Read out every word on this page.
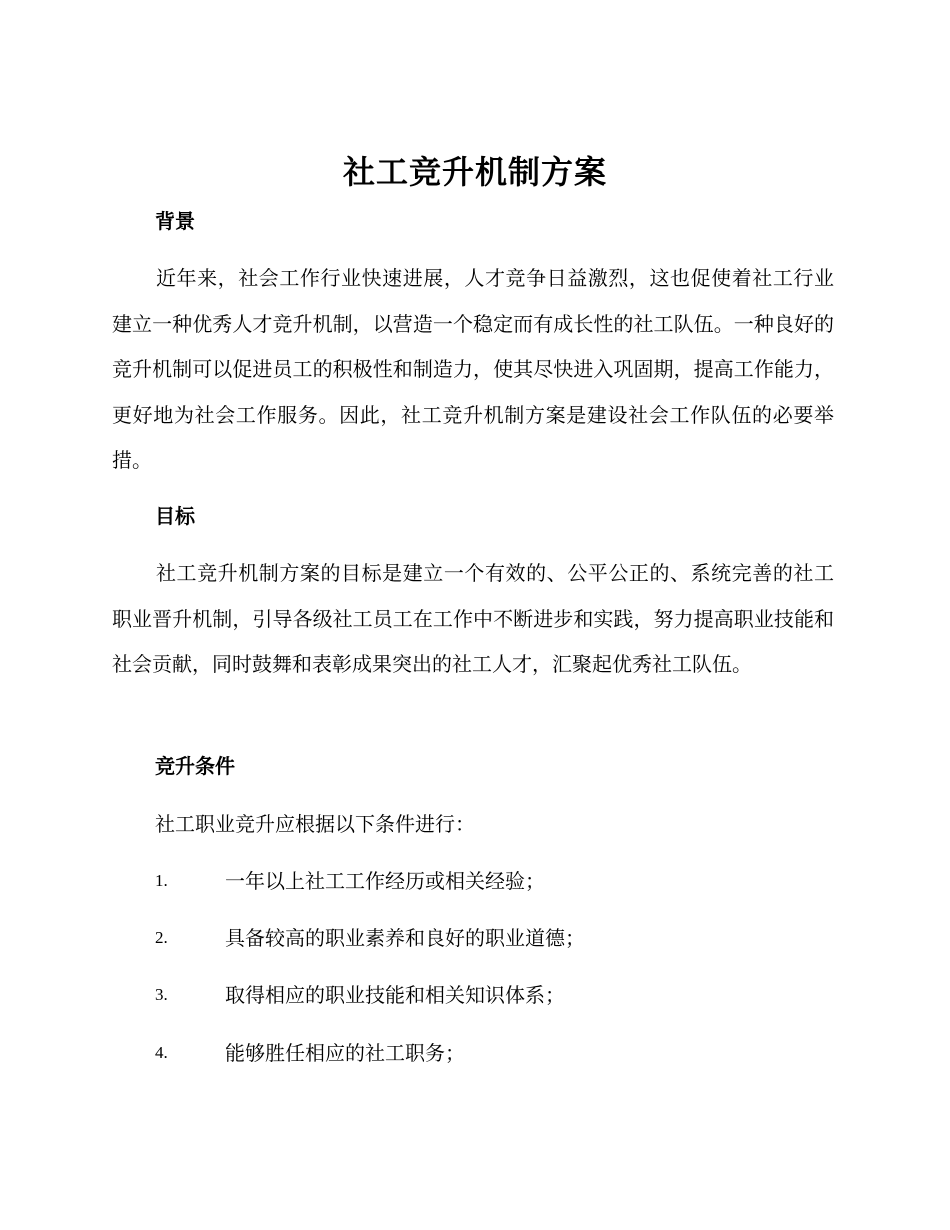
社工竞升机制方案
背景

近年来，社会工作行业快速进展，人才竞争日益激烈，这也促使着社工行业建立一种优秀人才竞升机制，以营造一个稳定而有成长性的社工队伍。一种良好的竞升机制可以促进员工的积极性和制造力，使其尽快进入巩固期，提高工作能力，更好地为社会工作服务。因此，社工竞升机制方案是建设社会工作队伍的必要举措。

目标

社工竞升机制方案的目标是建立一个有效的、公平公正的、系统完善的社工职业晋升机制，引导各级社工员工在工作中不断进步和实践，努力提高职业技能和社会贡献，同时鼓舞和表彰成果突出的社工人才，汇聚起优秀社工队伍。

竞升条件
社工职业竞升应根据以下条件进行：
1.	一年以上社工工作经历或相关经验；
2.	具备较高的职业素养和良好的职业道德；
3.	取得相应的职业技能和相关知识体系；
4.	能够胜任相应的社工职务；
